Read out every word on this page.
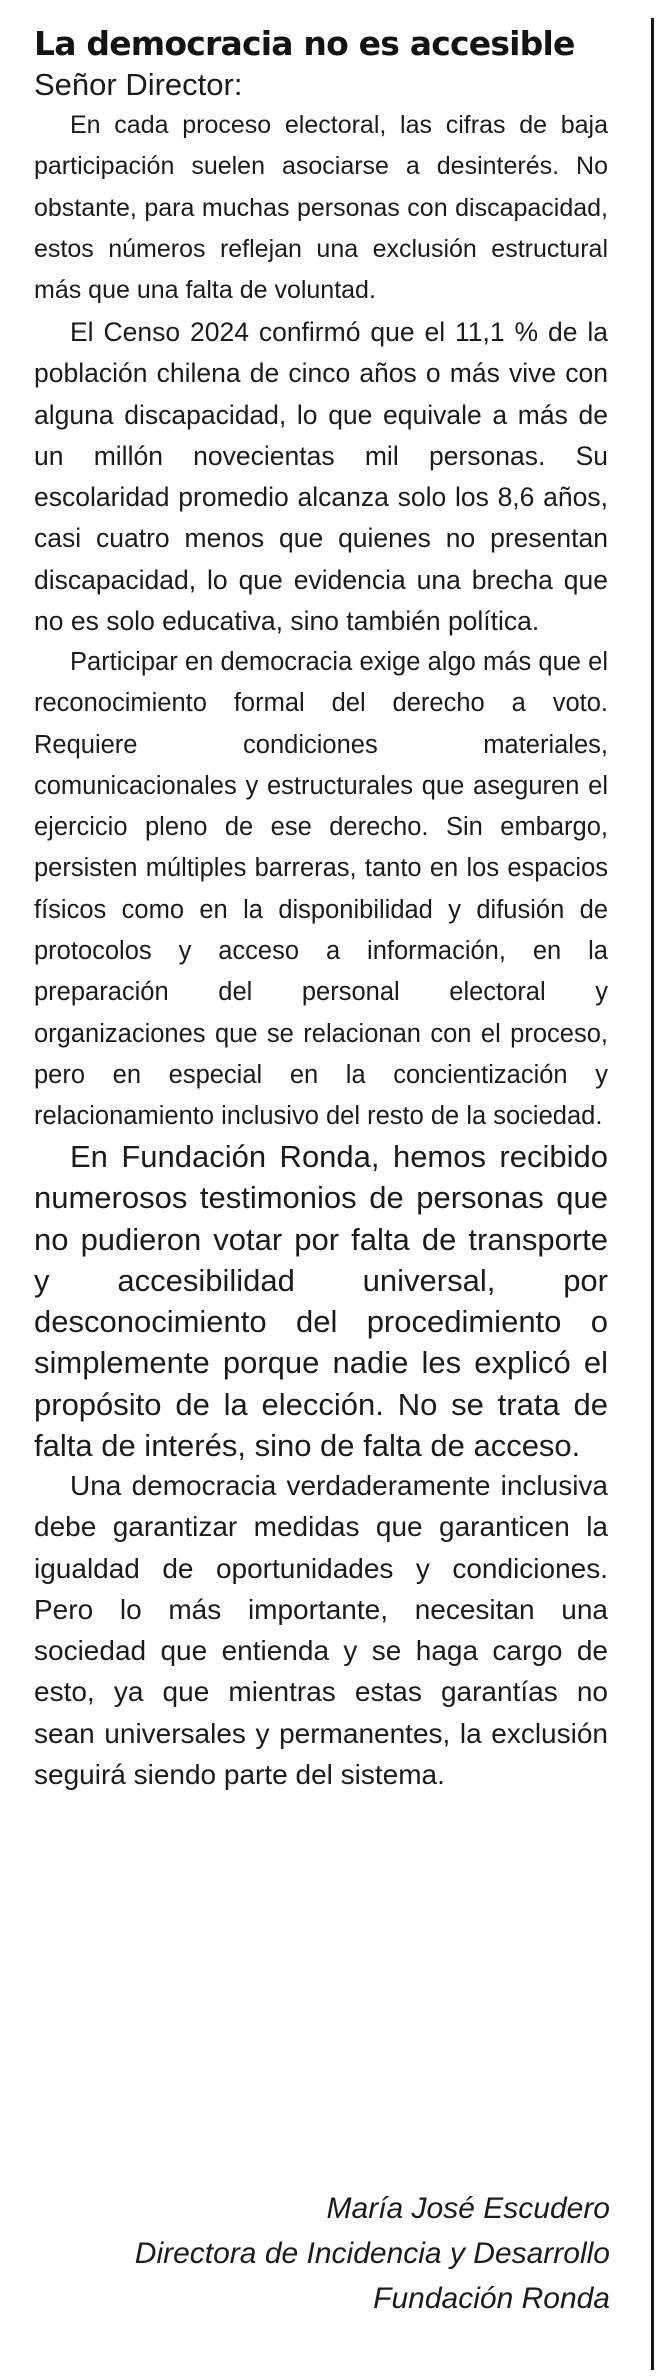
La democracia no es accesible

Señor Director:

En cada proceso electoral, las cifras de baja participación suelen asociarse a desinterés. No obstante, para muchas personas con discapacidad, estos números reflejan una exclusión estructural más que una falta de voluntad.

El Censo 2024 confirmó que el 11,1 % de la población chilena de cinco años o más vive con alguna discapacidad, lo que equivale a más de un millón novecientas mil personas. Su escolaridad promedio alcanza solo los 8,6 años, casi cuatro menos que quienes no presentan discapacidad, lo que evidencia una brecha que no es solo educativa, sino también política.

Participar en democracia exige algo más que el reconocimiento formal del derecho a voto. Requiere condiciones materiales, comunicacionales y estructurales que aseguren el ejercicio pleno de ese derecho. Sin embargo, persisten múltiples barreras, tanto en los espacios físicos como en la disponibilidad y difusión de protocolos y acceso a información, en la preparación del personal electoral y organizaciones que se relacionan con el proceso, pero en especial en la concientización y relacionamiento inclusivo del resto de la sociedad.

En Fundación Ronda, hemos recibido numerosos testimonios de personas que no pudieron votar por falta de transporte y accesibilidad universal, por desconocimiento del procedimiento o simplemente porque nadie les explicó el propósito de la elección. No se trata de falta de interés, sino de falta de acceso.

Una democracia verdaderamente inclusiva debe garantizar medidas que garanticen la igualdad de oportunidades y condiciones. Pero lo más importante, necesitan una sociedad que entienda y se haga cargo de esto, ya que mientras estas garantías no sean universales y permanentes, la exclusión seguirá siendo parte del sistema.

María José Escudero
Directora de Incidencia y Desarrollo
Fundación Ronda
